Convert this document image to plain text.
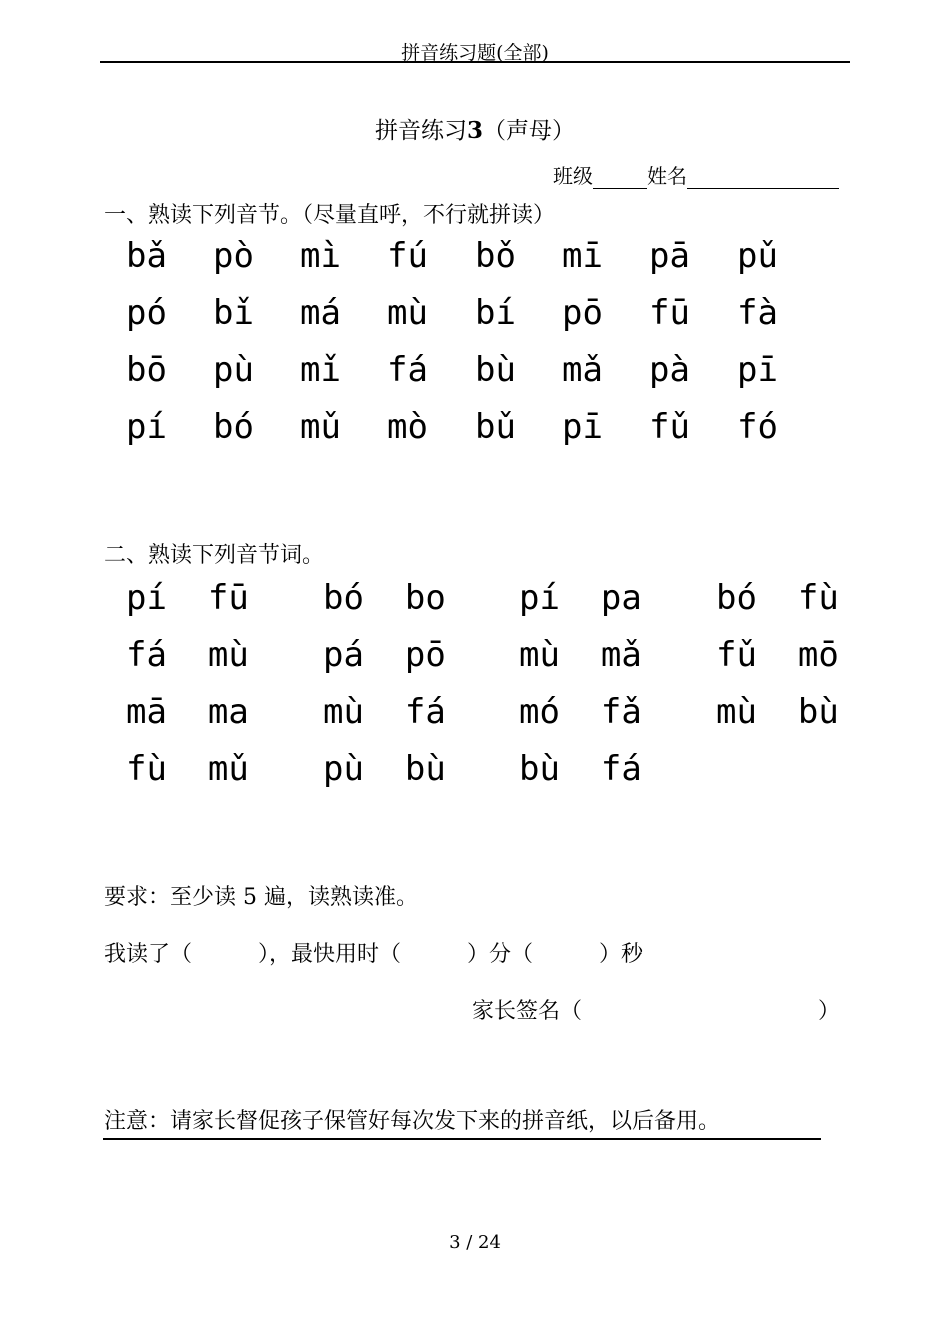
拼音练习题(全部)
拼音练习3（声母）
班级	姓名
一、熟读下列音节。（尽量直呼，不行就拼读）
bǎ pò mì fú bǒ mī pā pǔ
pó bǐ má mù bí pō fū fà
bō pù mǐ fá bù mǎ pà pī
pí bó mǔ mò bǔ pī fǔ fó
二、熟读下列音节词。
pí  fū bó  bo pí  pa bó  fù
fá  mù pá  pō mù  mǎ fǔ  mō
mā  ma mù  fá mó  fǎ mù  bù
fù  mǔ pù  bù bù  fá
要求：至少读 5 遍，读熟读准。
我读了（　　　），最快用时（　　　）分（　　　）秒
家长签名（	）
注意：请家长督促孩子保管好每次发下来的拼音纸，以后备用。
3 / 24
